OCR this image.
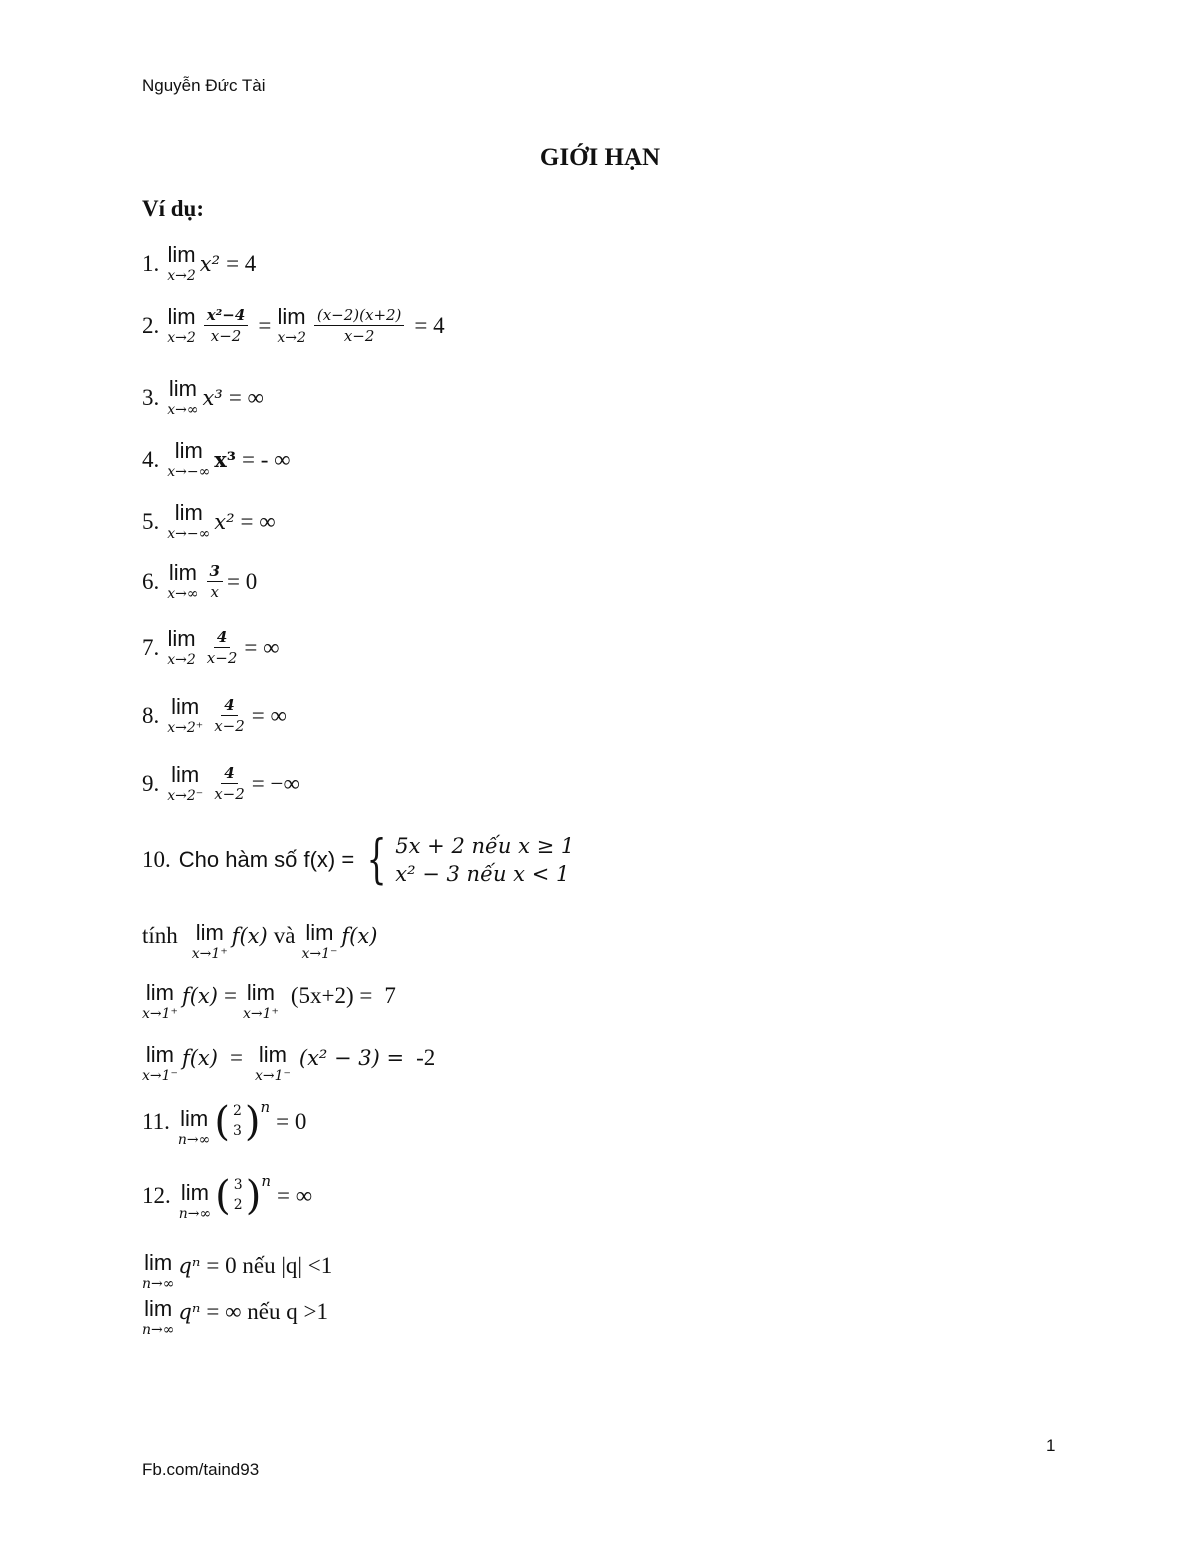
Nguyễn Đức Tài
GIỚI HẠN
Ví dụ:
1. lim
x→2
x² = 4
2. lim
$x\to 2 \frac{\text{x²−4}}{x-2} = \lim$
$x\to 2 \frac{(x-2)(x+2)}{x-2} = 4$
3. lim
x→∞
x³ = ∞
4. lim
x→−∞ x³ = - ∞
5. lim
x→−∞
x² = ∞
6. lim
$x\to\infty \frac{3}{x} = 0$
7. lim
$x\to 2 \frac{4}{x-2}$ = ∞
8. lim
$x\to 2^+ \frac{4}{x-2}$ = ∞
9. lim
$x\to 2^- \frac{4}{x-2}$ = −∞
10. Cho hàm số f(x) = { 5x + 2 nếu x ≥ 1
x² − 3 nếu x < 1
tính lim
x→1⁺
f(x) và lim
x→1⁻
f(x)
lim
x→1⁺
f(x) = lim
x→1⁺
(5x+2) = 7
lim
x→1⁻
f(x) = lim
x→1⁻
(x² − 3) = -2
11. lim
n→∞ ( 2
3 ) n
= 0
12. lim
n→∞ ( 3
2 ) n
= ∞
lim
n→∞
qⁿ = 0 nếu |q| <1
lim
n→∞
qⁿ = ∞ nếu q >1
1
Fb.com/taind93
